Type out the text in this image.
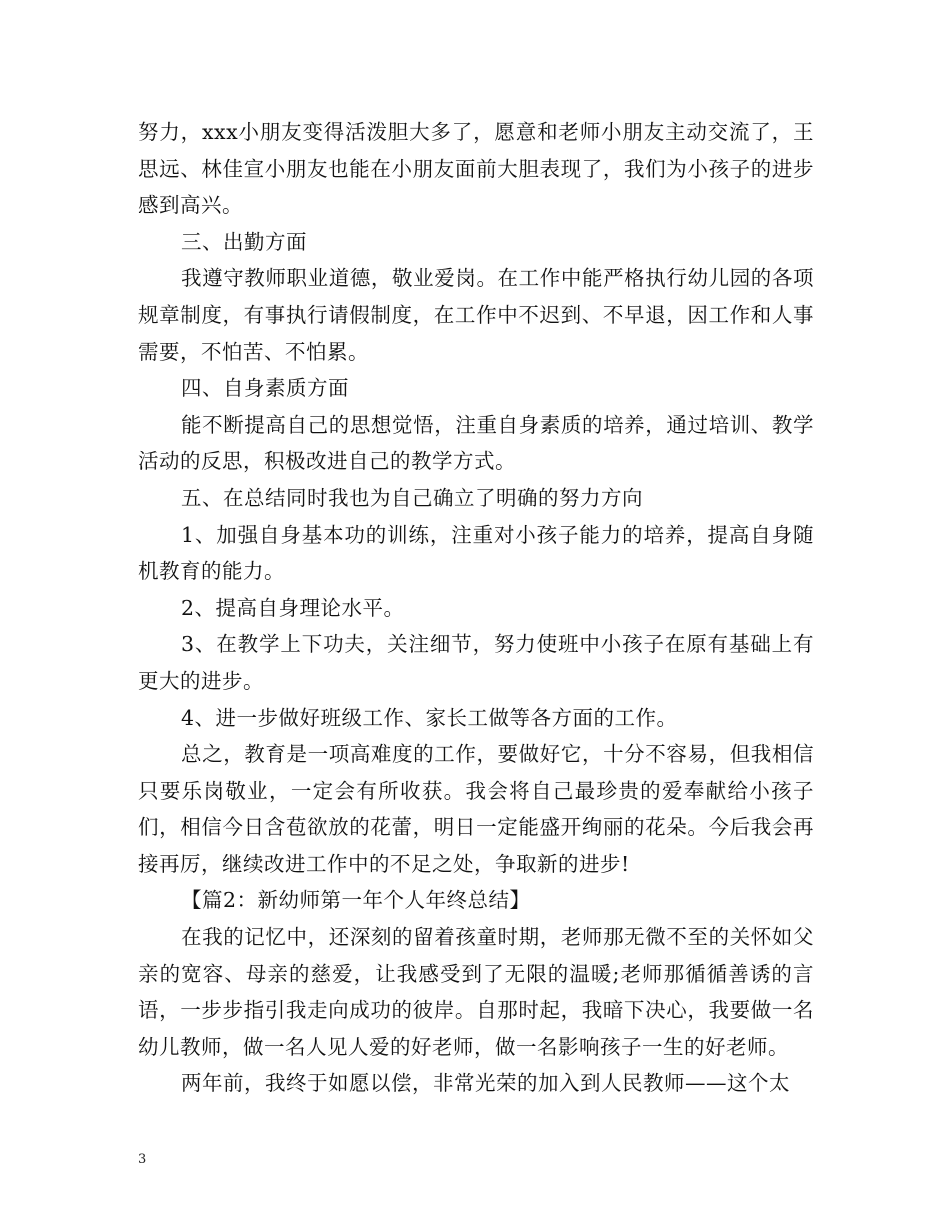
努力，xxx小朋友变得活泼胆大多了，愿意和老师小朋友主动交流了，王思远、林佳宣小朋友也能在小朋友面前大胆表现了，我们为小孩子的进步感到高兴。

三、出勤方面

我遵守教师职业道德，敬业爱岗。在工作中能严格执行幼儿园的各项规章制度，有事执行请假制度，在工作中不迟到、不早退，因工作和人事需要，不怕苦、不怕累。

四、自身素质方面

能不断提高自己的思想觉悟，注重自身素质的培养，通过培训、教学活动的反思，积极改进自己的教学方式。

五、在总结同时我也为自己确立了明确的努力方向

1、加强自身基本功的训练，注重对小孩子能力的培养，提高自身随机教育的能力。

2、提高自身理论水平。

3、在教学上下功夫，关注细节，努力使班中小孩子在原有基础上有更大的进步。

4、进一步做好班级工作、家长工做等各方面的工作。

总之，教育是一项高难度的工作，要做好它，十分不容易，但我相信只要乐岗敬业，一定会有所收获。我会将自己最珍贵的爱奉献给小孩子们，相信今日含苞欲放的花蕾，明日一定能盛开绚丽的花朵。今后我会再接再厉，继续改进工作中的不足之处，争取新的进步!

【篇2：新幼师第一年个人年终总结】

在我的记忆中，还深刻的留着孩童时期，老师那无微不至的关怀如父亲的宽容、母亲的慈爱，让我感受到了无限的温暖;老师那循循善诱的言语，一步步指引我走向成功的彼岸。自那时起，我暗下决心，我要做一名幼儿教师，做一名人见人爱的好老师，做一名影响孩子一生的好老师。

两年前，我终于如愿以偿，非常光荣的加入到人民教师——这个太

3
